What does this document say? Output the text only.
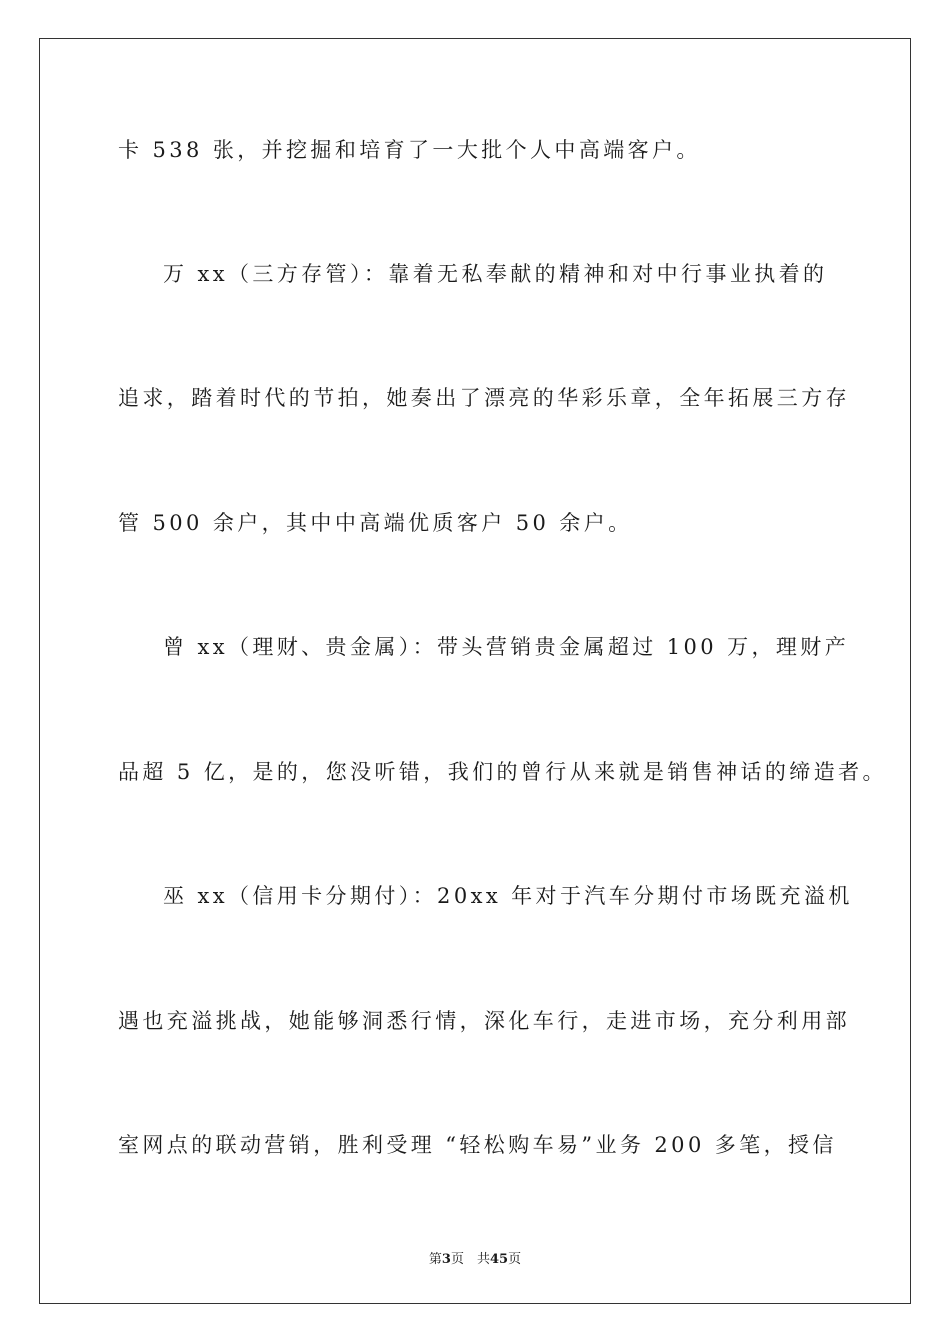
卡 538 张，并挖掘和培育了一大批个人中高端客户。
万 xx（三方存管）：靠着无私奉献的精神和对中行事业执着的
追求，踏着时代的节拍，她奏出了漂亮的华彩乐章，全年拓展三方存
管 500 余户，其中中高端优质客户 50 余户。
曾 xx（理财、贵金属）：带头营销贵金属超过 100 万，理财产
品超 5 亿，是的，您没听错，我们的曾行从来就是销售神话的缔造者。
巫 xx（信用卡分期付）：20xx 年对于汽车分期付市场既充溢机
遇也充溢挑战，她能够洞悉行情，深化车行，走进市场，充分利用部
室网点的联动营销，胜利受理 “轻松购车易”业务 200 多笔，授信
第3页　共45页
